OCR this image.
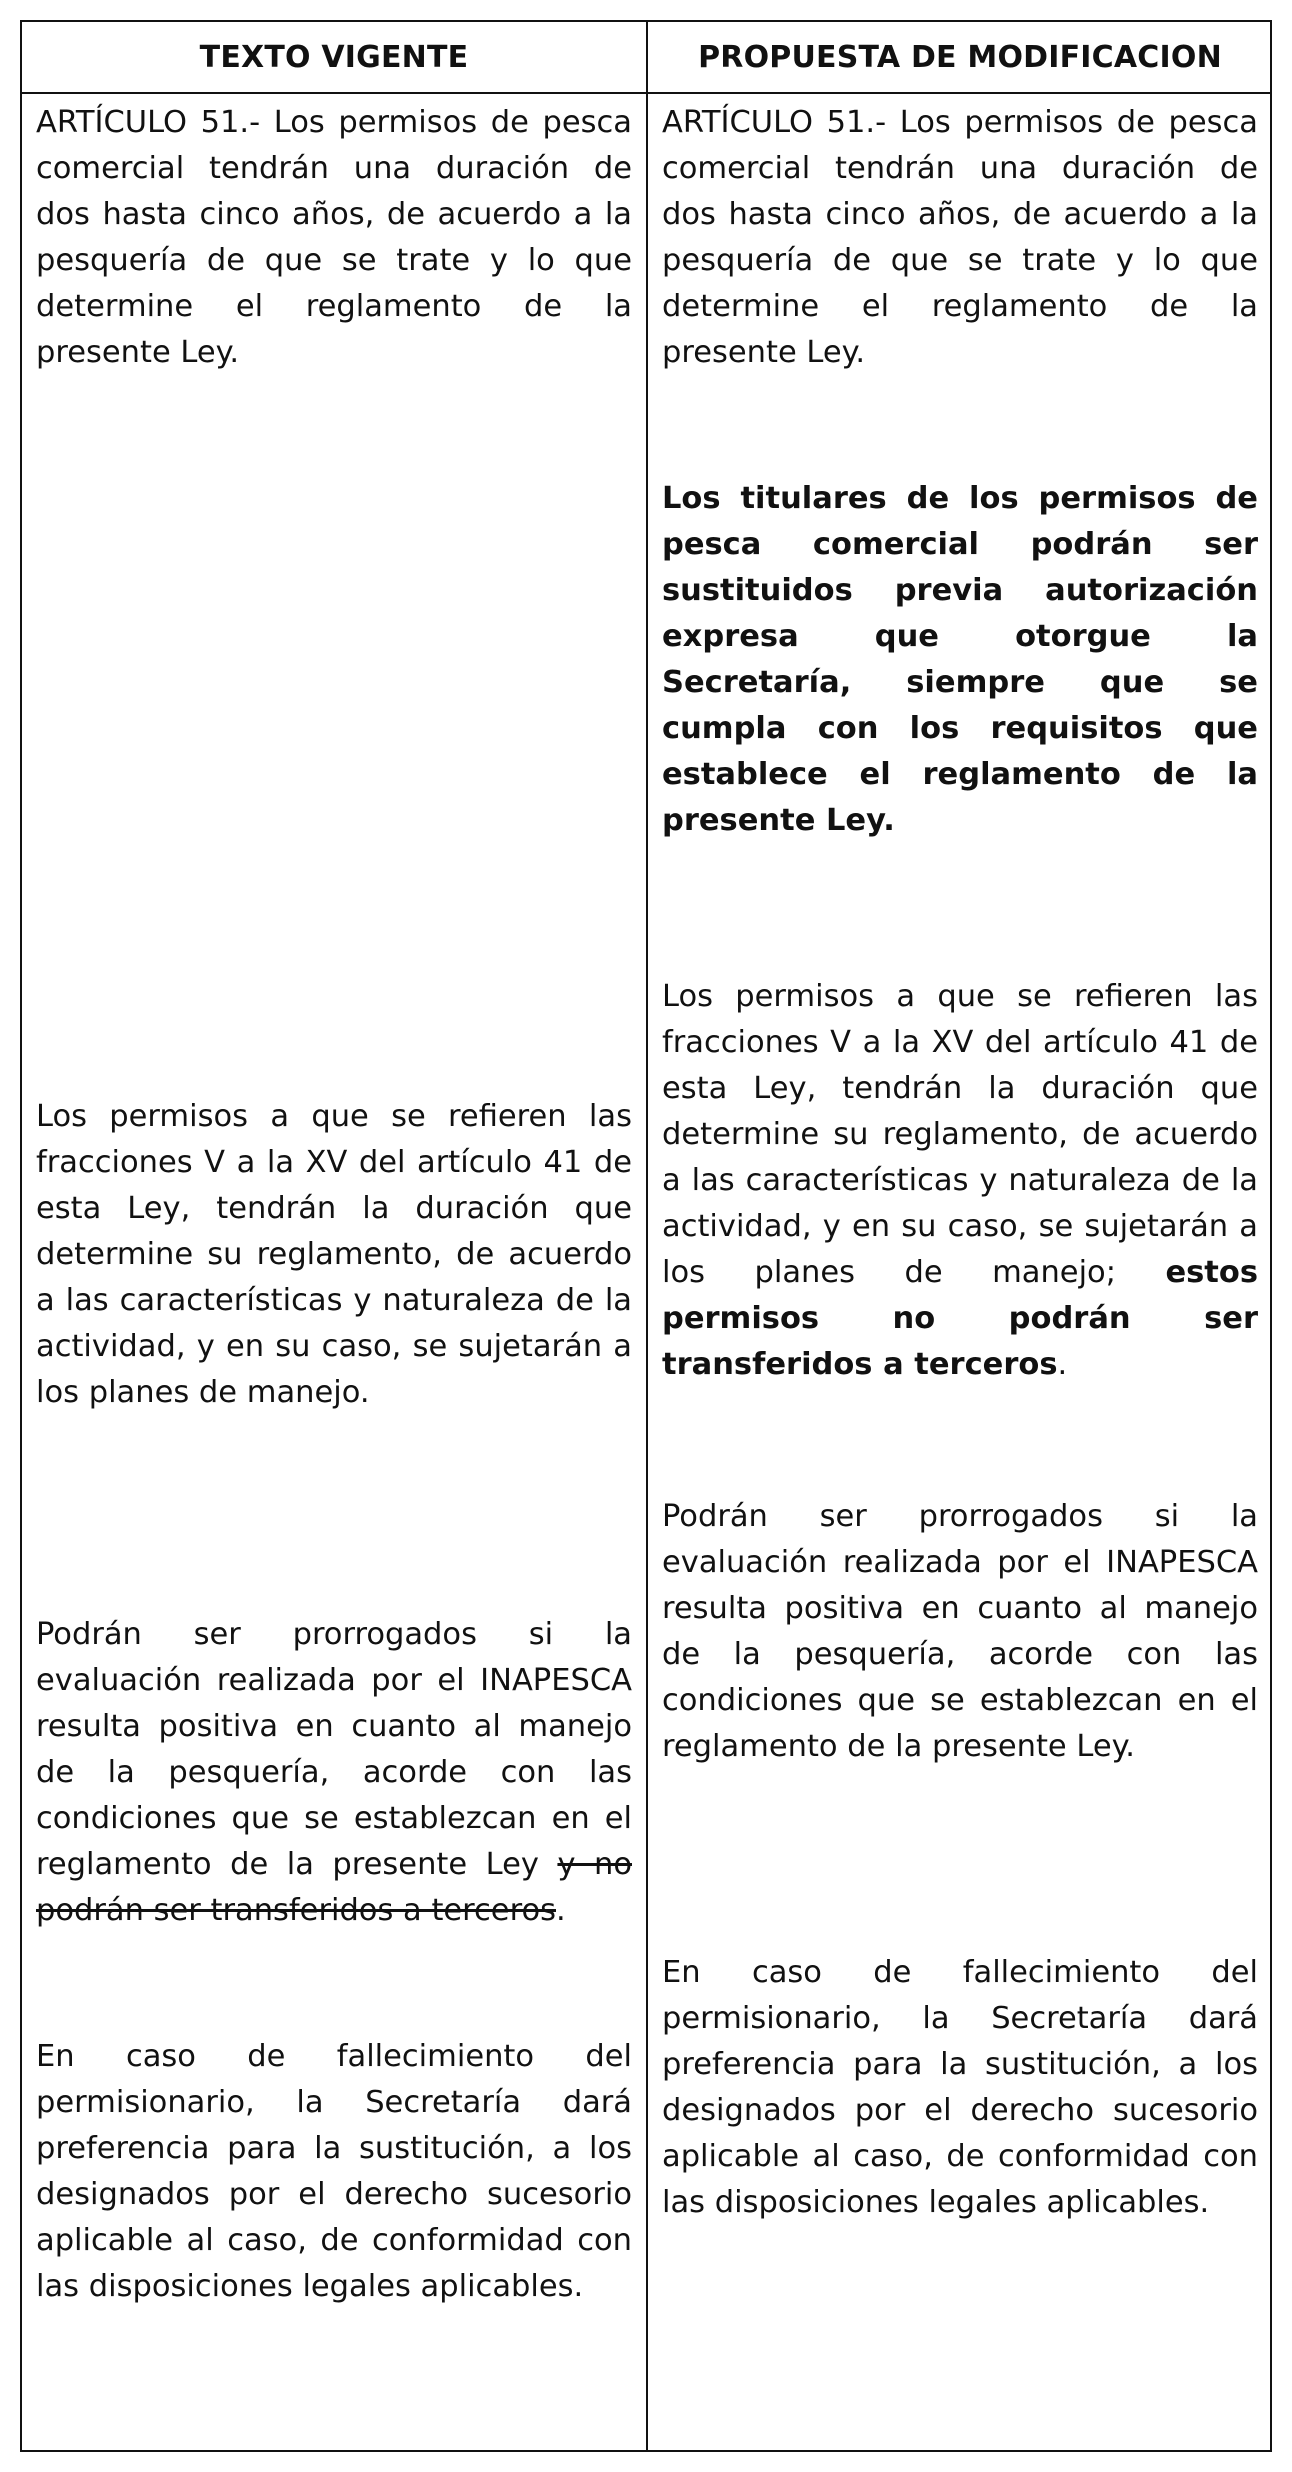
TEXTO VIGENTE	PROPUESTA DE MODIFICACION

ARTÍCULO 51.- Los permisos de pesca comercial tendrán una duración de dos hasta cinco años, de acuerdo a la pesquería de que se trate y lo que determine el reglamento de la presente Ley.

Los permisos a que se refieren las fracciones V a la XV del artículo 41 de esta Ley, tendrán la duración que determine su reglamento, de acuerdo a las características y naturaleza de la actividad, y en su caso, se sujetarán a los planes de manejo.

Podrán ser prorrogados si la evaluación realizada por el INAPESCA resulta positiva en cuanto al manejo de la pesquería, acorde con las condiciones que se establezcan en el reglamento de la presente Ley y no podrán ser transferidos a terceros.

En caso de fallecimiento del permisionario, la Secretaría dará preferencia para la sustitución, a los designados por el derecho sucesorio aplicable al caso, de conformidad con las disposiciones legales aplicables.

ARTÍCULO 51.- Los permisos de pesca comercial tendrán una duración de dos hasta cinco años, de acuerdo a la pesquería de que se trate y lo que determine el reglamento de la presente Ley.

Los titulares de los permisos de pesca comercial podrán ser sustituidos previa autorización expresa que otorgue la Secretaría, siempre que se cumpla con los requisitos que establece el reglamento de la presente Ley.

Los permisos a que se refieren las fracciones V a la XV del artículo 41 de esta Ley, tendrán la duración que determine su reglamento, de acuerdo a las características y naturaleza de la actividad, y en su caso, se sujetarán a los planes de manejo; estos permisos no podrán ser transferidos a terceros.

Podrán ser prorrogados si la evaluación realizada por el INAPESCA resulta positiva en cuanto al manejo de la pesquería, acorde con las condiciones que se establezcan en el reglamento de la presente Ley.

En caso de fallecimiento del permisionario, la Secretaría dará preferencia para la sustitución, a los designados por el derecho sucesorio aplicable al caso, de conformidad con las disposiciones legales aplicables.
